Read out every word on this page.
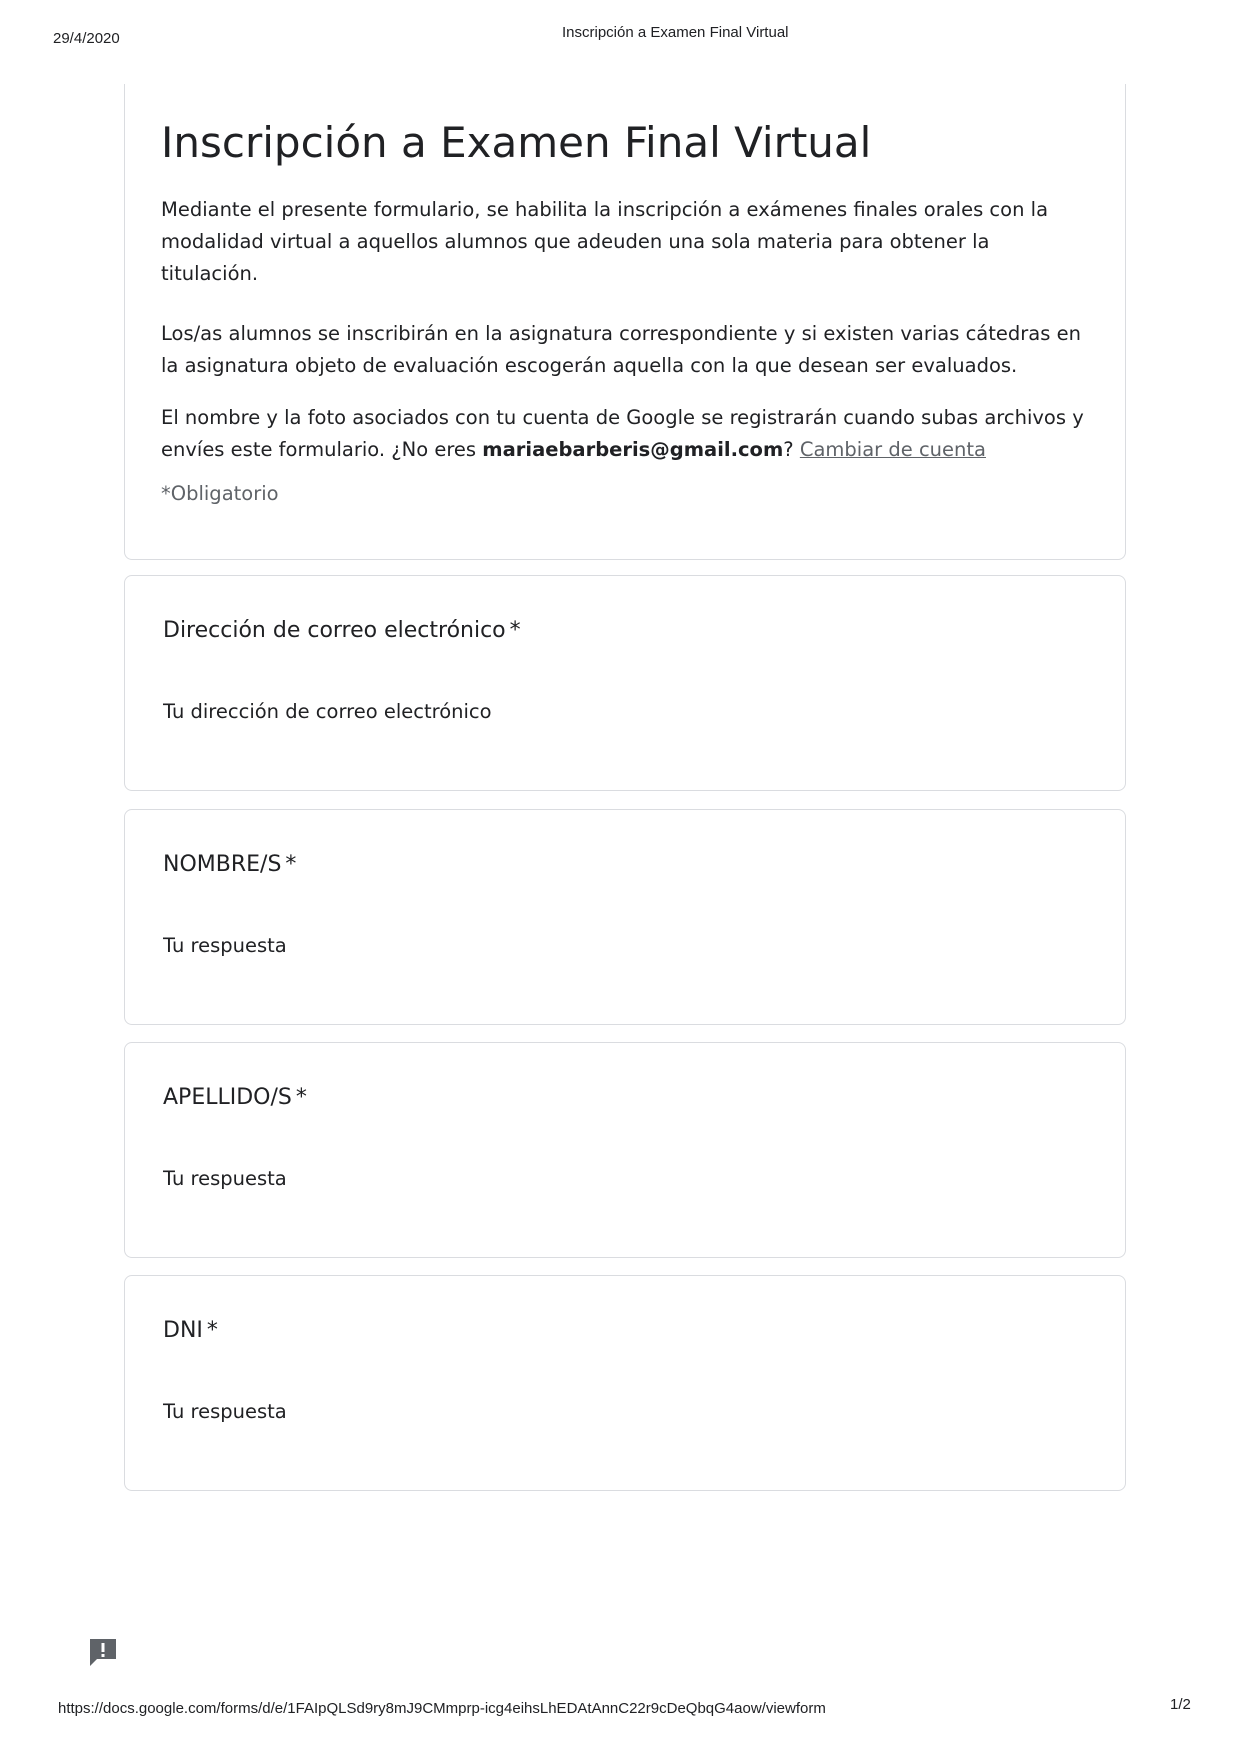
29/4/2020	Inscripción a Examen Final Virtual
Inscripción a Examen Final Virtual

Mediante el presente formulario, se habilita la inscripción a exámenes finales orales con la modalidad virtual a aquellos alumnos que adeuden una sola materia para obtener la titulación.

Los/as alumnos se inscribirán en la asignatura correspondiente y si existen varias cátedras en la asignatura objeto de evaluación escogerán aquella con la que desean ser evaluados.

El nombre y la foto asociados con tu cuenta de Google se registrarán cuando subas archivos y envíes este formulario. ¿No eres mariaebarberis@gmail.com? Cambiar de cuenta
*Obligatorio
Dirección de correo electrónico *
Tu dirección de correo electrónico
NOMBRE/S *
Tu respuesta
APELLIDO/S *
Tu respuesta
DNI *
Tu respuesta
https://docs.google.com/forms/d/e/1FAIpQLSd9ry8mJ9CMmprp-icg4eihsLhEDAtAnnC22r9cDeQbqG4aow/viewform	1/2
